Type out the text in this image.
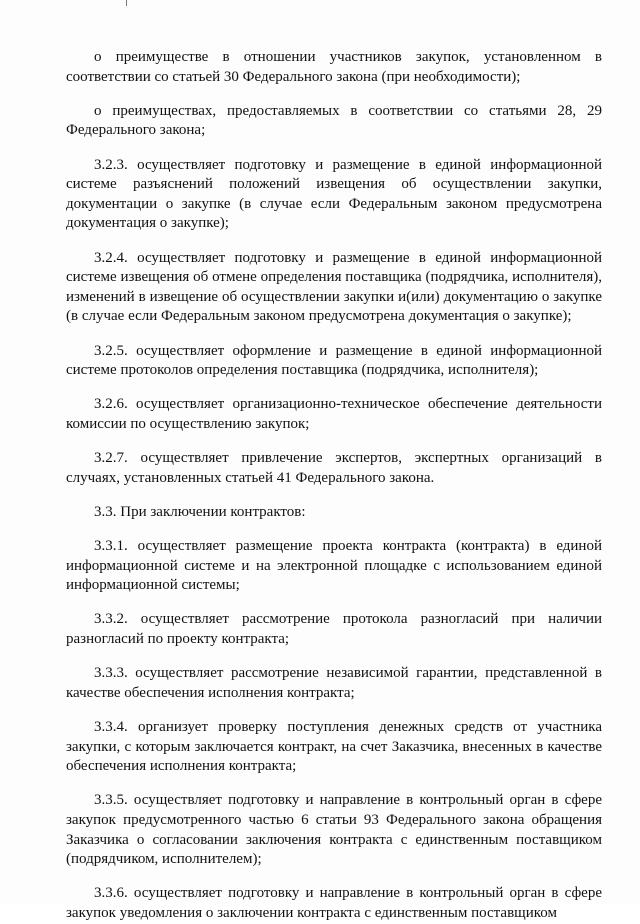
о преимуществе в отношении участников закупок, установленном в соответствии со статьей 30 Федерального закона (при необходимости);

о преимуществах, предоставляемых в соответствии со статьями 28, 29 Федерального закона;

3.2.3. осуществляет подготовку и размещение в единой информационной системе разъяснений положений извещения об осуществлении закупки, документации о закупке (в случае если Федеральным законом предусмотрена документация о закупке);

3.2.4. осуществляет подготовку и размещение в единой информационной системе извещения об отмене определения поставщика (подрядчика, исполнителя), изменений в извещение об осуществлении закупки и(или) документацию о закупке (в случае если Федеральным законом предусмотрена документация о закупке);

3.2.5. осуществляет оформление и размещение в единой информационной системе протоколов определения поставщика (подрядчика, исполнителя);

3.2.6. осуществляет организационно-техническое обеспечение деятельности комиссии по осуществлению закупок;

3.2.7. осуществляет привлечение экспертов, экспертных организаций в случаях, установленных статьей 41 Федерального закона.

3.3. При заключении контрактов:

3.3.1. осуществляет размещение проекта контракта (контракта) в единой информационной системе и на электронной площадке с использованием единой информационной системы;

3.3.2. осуществляет рассмотрение протокола разногласий при наличии разногласий по проекту контракта;

3.3.3. осуществляет рассмотрение независимой гарантии, представленной в качестве обеспечения исполнения контракта;

3.3.4. организует проверку поступления денежных средств от участника закупки, с которым заключается контракт, на счет Заказчика, внесенных в качестве обеспечения исполнения контракта;

3.3.5. осуществляет подготовку и направление в контрольный орган в сфере закупок предусмотренного частью 6 статьи 93 Федерального закона обращения Заказчика о согласовании заключения контракта с единственным поставщиком (подрядчиком, исполнителем);

3.3.6. осуществляет подготовку и направление в контрольный орган в сфере закупок уведомления о заключении контракта с единственным поставщиком
